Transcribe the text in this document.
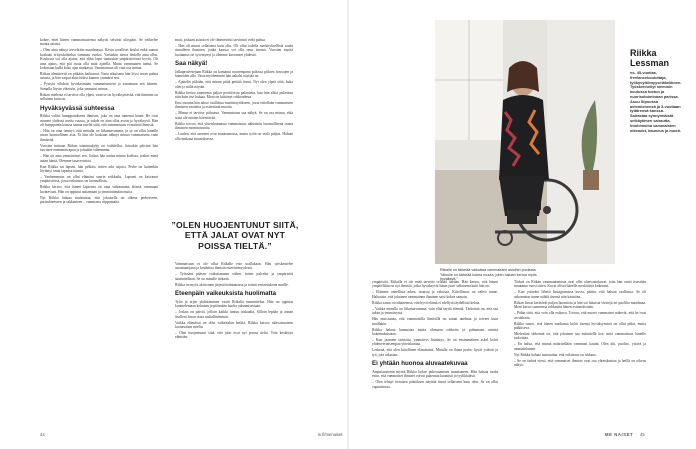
kokee, ettei hänen vammaisuutensa näkyisi selvästi ulospäin. Se vaihtelee monta asiasta.

– Olen aina näinyt tervehtiön maailmassa. Kävin tavalliset koulut enkä saanut koskaan erityiskohtelua vamman vuoksi. Varsinkin tietoa tiedolla ainu ollut. Koulussa voi olla ajatus, että ehkä lapsi tuntuukin ympäristöönsä hyvin. Oli aina ajatus, että piti osata olla mitä ajatella. Mutta vammainen tuntui. Se kokonaan kulki koko ajan matkassa. Vammaisuus oli vain osa minua.

Riikan identiteetti on pitkään haihtunut. Vasta aikuisena hän löysi tavan puhua asiasta, ja hän vaipui aktivistiksi kunnes ymmärsi sen.

– Pystyin vihdoin hyväksymään vammaisuuteni ja sanomaan sen ääneen. Samalla löysin yhteisön, joka ymmärsi minua.

Riikan mielestä ei tarvitse olla ylpeä, vaan se on hyväksyttävää, että ihminen on sellainen kuin on.

Hyväksyvässä suhteessa

Riikka valitsi kumppanikseen ihmisen, joka on aina tuntenut hänet. He ovat asuneet yhdessä useita vuosia, ja suhde on aina ollut avoin ja hyväksyvä. Hän oli kumppanin kanssa samaa mieltä siitä, että vammaisuus ei määritä ihmistä.

– Hän on aina tiennyt, että minulla on liikuntavamma, ja se on ollut hänelle aivan luonnollinen asia. Ei hän ole koskaan nähnyt minua vammaisena vaan ihmisenä.

Vuosien mittaan Riikan toimintakyky on vaihdellut. Joinakin päivinä hän tarvitsee enemmän apua ja joinakin vähemmän.

– Hän on aina ymmärtänyt sen. Joskus hän auttaa minua kodissa, joskus minä autan häntä. Olemme tasavertaisia.

Kun Riikka sai lapsen, hän pelkäsi, miten arki sujuisi. Perhe on kuitenkin löytänyt omat tapansa toimia.

– Vanhemmuus on ollut elämäni suurin seikkailu. Lapseni on kasvanut ympäristössä, jossa erilaisuus on luonnollista.

Riikka kertoo, että hänen lapsensa on aina suhtautunut äitinsä vammaan luontevasti. Hän on oppinut auttamaan ja ymmärtämään muita.

Nyt Riikka haluaa muistuttaa, että jokaisella on oikeus perheeseen, parisuhteeseen ja rakkauteen – vammasta riippumatta.

mutt, joskaan asiasta ei ole ilmenevästi tarvinnut vielä puhua.

– Hän oli minut sellaisena kuin olin. Oli ollut todella merkityksellistä saada rinnalleen ihminen, jonka kanssa voi olla oma itsensä. Vuosien myötä luottamus on syventynyt ja olemme kasvaneet yhdessä.

Saa näkyä!

Jalkaproteesejaan Riikka on kantanut nuorempana piilossa pitkien housujen ja hameiden alla. Vasta myöhemmin hän uskalsi näyttää ne.

– Ajattelin pitkään, että minun pitää peittää itseni. Nyt olen ylpeä siitä, kuka olen ja miltä näytän.

Riikka kertoo saaneensa paljon positiivista palautetta, kun hän alkoi pukeutua niin kuin itse haluaa. Moni on kiittänyt rohkeudesta.

Ensi vuonna hän aikoo osallistua muotinäytökseen, jossa esitellään vammaisten ihmisten vaatteita ja esteetöntä muotia.

– Minun ei tarvitse piiloutua. Vammaisuus saa näkyä. Se on osa minua, eikä siinä ole mitään hävettävää.

Riikka toivoo, että yhteiskunnassa vammaisuus nähtäisiin luonnollisena osana ihmisten moninaisuutta.

– Luulen, että asenteet ovat muuttumassa, mutta työtä on vielä paljon. Haluan olla mukana muutoksessa.

”OLEN HUOJENTUNUT SIITÄ, ETTÄ JALAT OVAT NYT POISSA TIELTÄ.”

Vammaisuus ei ole ollut Riikalle este urallakaan. Hän työskentelee asiantuntijana ja kouluttaa ihmisiä esteettömyydestä.

– Työssäni pääsen vaikuttamaan siihen, miten palvelut ja ympäristöt suunnitellaan. Se on minulle tärkeää.

Riikka on myös aktiivinen järjestötoiminnassa ja toimii vertaistukena muille.

Eteenpäin vaikeuksista huolimatta

Työn ja arjen yhdistäminen vaatii Riikalta suunnittelua. Hän on oppinut kuuntelemaan kehoaan ja pitämään huolta jaksamisestaan.

– Joskus on päiviä, jolloin kaikki tuntuu raskaalta. Silloin lepään ja annan itselleni luvan ottaa rauhallisemmin.

Vaikka elämässä on ollut vaikeitakin hetkiä, Riikka katsoo tulevaisuuteen luottavaisin mielin.

– Olen huojentunut siitä, että jalat ovat nyt poissa tieltä. Voin keskittyä elämään.

Riikalle on tärkeää vaikuttaa vammaisten asioihin puolesta. ”Minulle on tärkeää kokea muuta, joten haluan kertoa myös hyväksyä.”
Riikka Lessman
ns. 45-vuotias, freelancekouluttaja, työkyvyttömyyseläkeläinen. Työskennellyt siemmin koulussa tuetun ja nuorisotoiminnan parissa. Asuu Sipoossa aviomiehensä ja 3-vuotiaan tyttärensä kanssa. Sairastaa synnynnäistä selkäytimen sairautta. Intohimoina vammaisten oikeudet, kauneus ja muoti.

ympäristöt, Riikalla ei ole enää tarvetta selittää itseään. Hän kertoo, että hänen ympärillään on nyt ihmisiä, jotka hyväksyvät hänet juuri sellaisena kuin hän on.

– Elämme onnellista arkea, tasaista ja valoisaa. Kiitollisuus on vahva tunne. Haluaisin, että jokainen vammainen ihminen saisi kokea samoin.

Riikka sanoo oivaltaneensa, että hyvä elämä ei edellytä täydellistä kehoa.

– Vaikka minulla on liikuntavamma, voin elää täyttä elämää. Tärkeintä on, että saa tukea ja ymmärrystä.

Hän muistuttaa, että vammaisilla ihmisillä on samat unelmat ja toiveet kuin muillakin.

Riikka haluaa kannustaa muita olemaan rohkeita ja puhumaan omista kokemuksistaan.

– Kun jaamme tarinoita, ymmärrys lisääntyy. Se on ensimmäinen askel kohti yhdenvertaisempaa yhteiskuntaa.

Leskenä, että olen kiitollinen elämästäni. Minulla on ihana perhe, hyvät ystävät ja työ, jota rakastan.

Ei yhtään huonoa aluvaatekuvaa

Ampuiaustenin myötä Riikka kokee pukeutumisen muuttuneen. Hän haluaa tuoda esiin, että vammaiset ihmiset voivat pukeutua kauniisti ja tyylikkäästi.

– Olen tehnyt tietoisen päätöksen näyttää itseni sellaisena kuin olen. Se on ollut vapauttavaa.

Tärkeä on Riikan vammautumista ovat ollet aluevaatekuvat, joita hän otatti itsestään muutama vuosi sitten. Kuvat olivat hänelle merkittävä kokemus.

– Kun ystäväni lähetti Instagramissa kuvia, päätin, että haluan osallistua. Se oli uskomaton tunne nähdä itsensä niin kauniina.

Riikan kuvat keräsivät paljon huomiota ja hän sai lukuisia viestejä eri puolilta maailmaa. Moni kertoi saaneensa rohkeutta hänen esimerkistään.

– Pidän siitä, että voin olla esikuva. Toivon, että nuoret vammaiset näkevät, että he ovat arvokkaita.

Riikka sanoo, että hänen matkansa kohti itsensä hyväksymistä on ollut pitkä, mutta palkitseva.

Mielestäni tärkeintä on, että jokainen saa määritellä itse, mitä vammaisuus hänelle tarkoittaa.

– En halua, että minua määritellään vammani kautta. Olen äiti, puoliso, ystävä ja ammattilainen.

Nyt Riikka haluaa muistuttaa, että erilaisuus on rikkaus.

– Se on tärkeä viesti, että vammaiset ihmiset ovat osa yhteiskuntaa ja heillä on oikeus näkyä.

44	is.fi/menaiset	ME NAISET 45
